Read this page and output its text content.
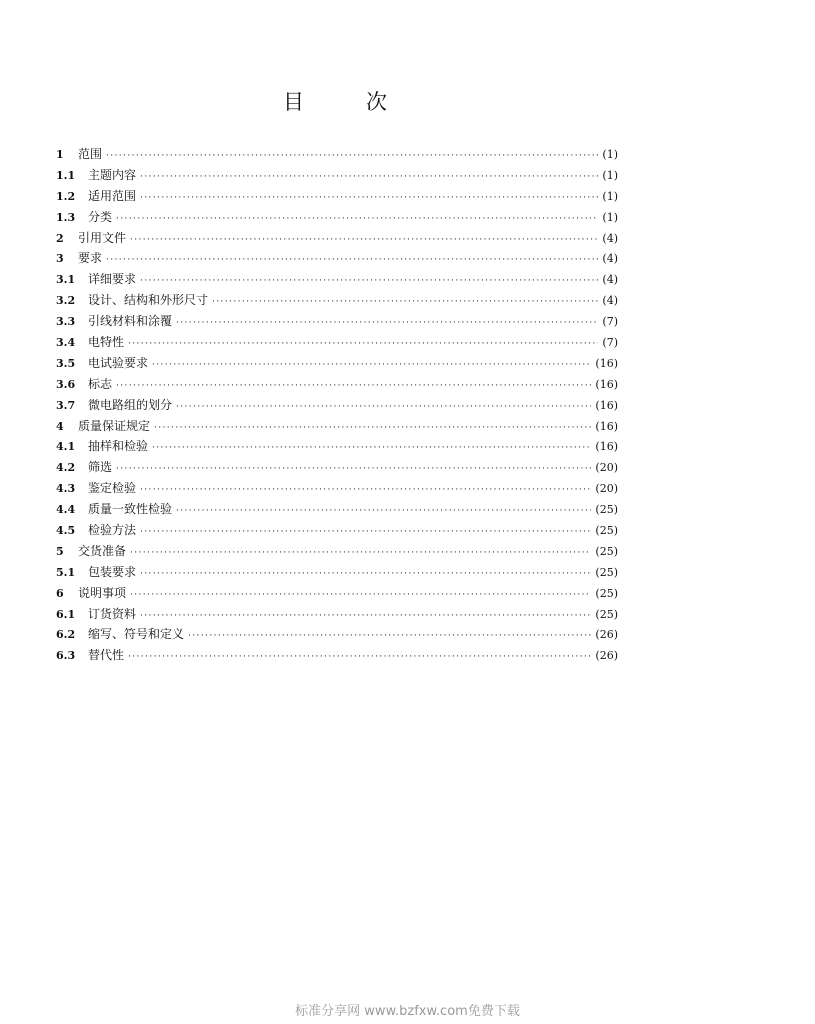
目	次
1	范围 ·····	(1)
1.1	主题内容 ·····	(1)
1.2	适用范围 ·····	(1)
1.3	分类 ·····	(1)
2	引用文件 ·····	(4)
3	要求 ·····	(4)
3.1	详细要求 ·····	(4)
3.2	设计、结构和外形尺寸 ·····	(4)
3.3	引线材料和涂覆 ·····	(7)
3.4	电特性 ·····	(7)
3.5	电试验要求 ·····	(16)
3.6	标志 ·····	(16)
3.7	微电路组的划分 ·····	(16)
4	质量保证规定 ·····	(16)
4.1	抽样和检验 ·····	(16)
4.2	筛选 ·····	(20)
4.3	鉴定检验 ·····	(20)
4.4	质量一致性检验 ·····	(25)
4.5	检验方法 ·····	(25)
5	交货准备 ·····	(25)
5.1	包装要求 ·····	(25)
6	说明事项 ·····	(25)
6.1	订货资料 ·····	(25)
6.2	缩写、符号和定义 ·····	(26)
6.3	替代性 ·····	(26)
标准分享网 www.bzfxw.com免费下载
